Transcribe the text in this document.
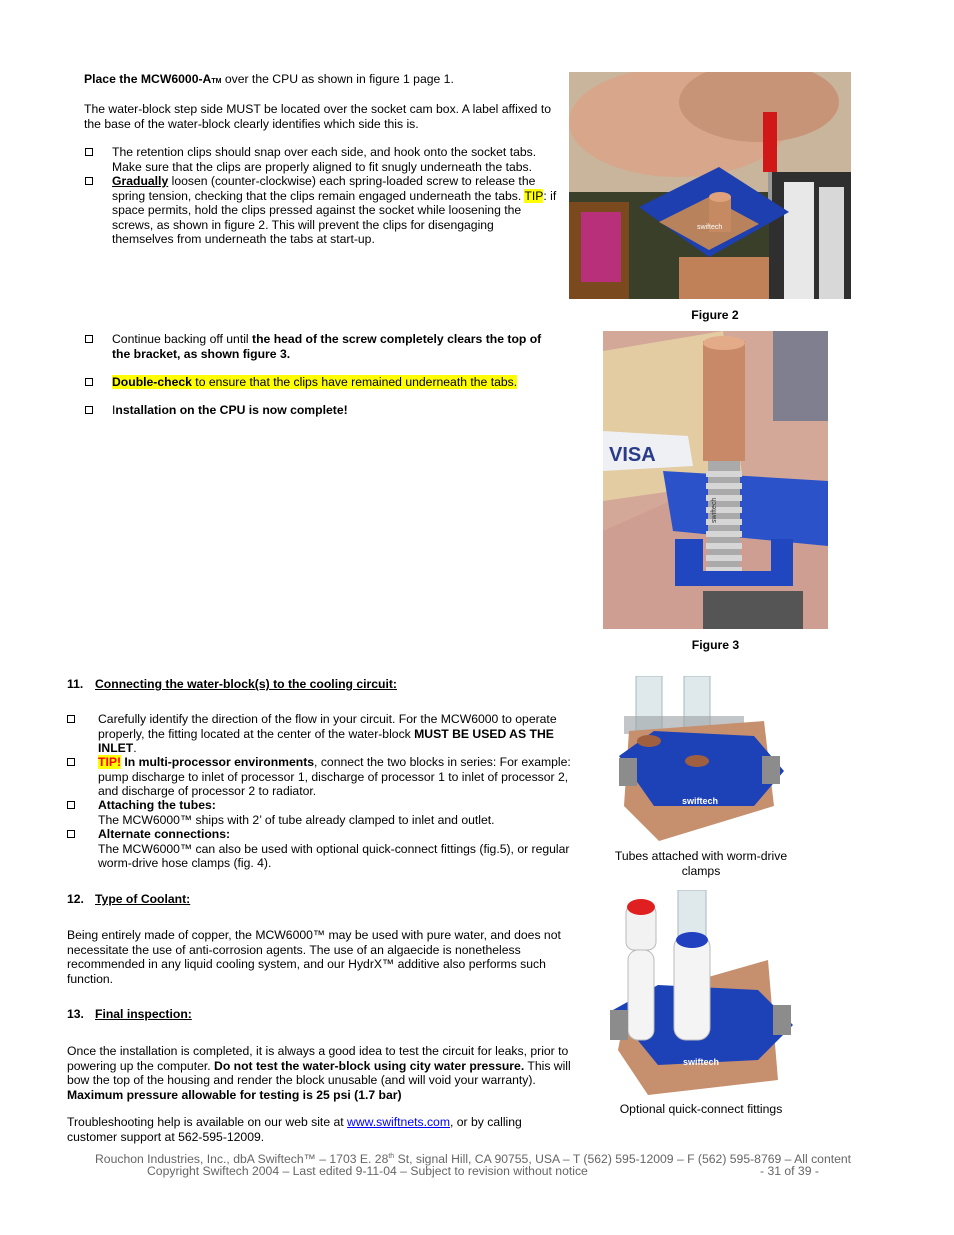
Place the MCW6000-ATM over the CPU as shown in figure 1 page 1.
The water-block step side MUST be located over the socket cam box. A label affixed to the base of the water-block clearly identifies which side this is.
The retention clips should snap over each side, and hook onto the socket tabs. Make sure that the clips are properly aligned to fit snugly underneath the tabs.
Gradually loosen (counter-clockwise) each spring-loaded screw to release the spring tension, checking that the clips remain engaged underneath the tabs. TIP: if space permits, hold the clips pressed against the socket while loosening the screws, as shown in figure 2. This will prevent the clips for disengaging themselves from underneath the tabs at start-up.
swiftech
Figure 2
Continue backing off until the head of the screw completely clears the top of the bracket, as shown figure 3.
Double-check to ensure that the clips have remained underneath the tabs.
Installation on the CPU is now complete!
VISA
swiftech
Figure 3
11. Connecting the water-block(s) to the cooling circuit:
Carefully identify the direction of the flow in your circuit. For the MCW6000 to operate properly, the fitting located at the center of the water-block MUST BE USED AS THE INLET.
TIP! In multi-processor environments, connect the two blocks in series: For example: pump discharge to inlet of processor 1, discharge of processor 1 to inlet of processor 2, and discharge of processor 2 to radiator.
Attaching the tubes:
The MCW6000™ ships with 2’ of tube already clamped to inlet and outlet.
Alternate connections:
The MCW6000™ can also be used with optional quick-connect fittings (fig.5), or regular worm-drive hose clamps (fig. 4).
swiftech
Tubes attached with worm-drive clamps
12. Type of Coolant:
Being entirely made of copper, the MCW6000™ may be used with pure water, and does not necessitate the use of anti-corrosion agents. The use of an algaecide is nonetheless recommended in any liquid cooling system, and our HydrX™ additive also performs such function.
swiftech
Optional quick-connect fittings
13. Final inspection:
Once the installation is completed, it is always a good idea to test the circuit for leaks, prior to powering up the computer. Do not test the water-block using city water pressure. This will bow the top of the housing and render the block unusable (and will void your warranty).
Maximum pressure allowable for testing is 25 psi (1.7 bar)
Troubleshooting help is available on our web site at www.swiftnets.com, or by calling customer support at 562-595-12009.
Rouchon Industries, Inc., dbA Swiftech™ – 1703 E. 28th St, signal Hill, CA 90755, USA – T (562) 595-12009 – F (562) 595-8769 – All content
Copyright Swiftech 2004 – Last edited 9-11-04 – Subject to revision without notice	- 31 of 39 -
